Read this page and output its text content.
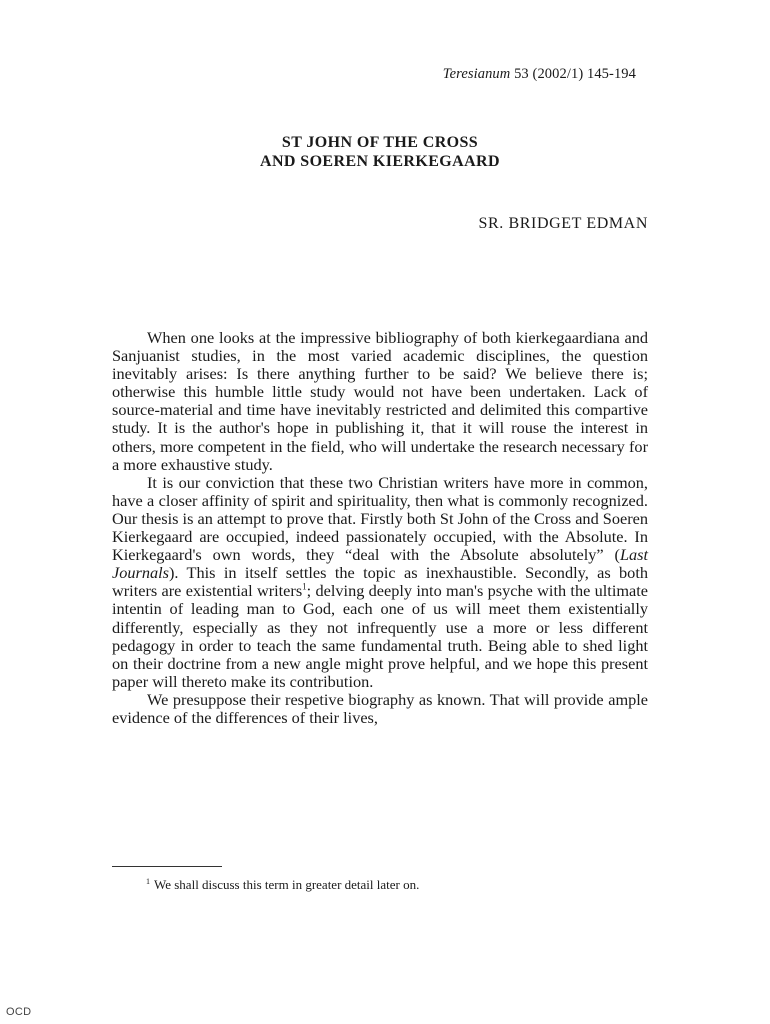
Teresianum 53 (2002/1) 145-194
ST JOHN OF THE CROSS
AND SOEREN KIERKEGAARD
SR. BRIDGET EDMAN

When one looks at the impressive bibliography of both kierkegaardiana and Sanjuanist studies, in the most varied academic disciplines, the question inevitably arises: Is there anything further to be said? We believe there is; otherwise this humble little study would not have been undertaken. Lack of source-material and time have inevitably restricted and delimited this compartive study. It is the author's hope in publishing it, that it will rouse the interest in others, more competent in the field, who will undertake the research necessary for a more exhaustive study.

It is our conviction that these two Christian writers have more in common, have a closer affinity of spirit and spirituality, then what is commonly recognized. Our thesis is an attempt to prove that. Firstly both St John of the Cross and Soeren Kierkegaard are occupied, indeed passionately occupied, with the Absolute. In Kierkegaard's own words, they “deal with the Absolute absolutely” (Last Journals). This in itself settles the topic as inexhaustible. Secondly, as both writers are existential writers$^1$; delving deeply into man's psyche with the ultimate intentin of leading man to God, each one of us will meet them existentially differently, especially as they not infrequently use a more or less different pedagogy in order to teach the same fundamental truth. Being able to shed light on their doctrine from a new angle might prove helpful, and we hope this present paper will thereto make its contribution.

We presuppose their respetive biography as known. That will provide ample evidence of the differences of their lives,

$^1$ We shall discuss this term in greater detail later on.
OCD
